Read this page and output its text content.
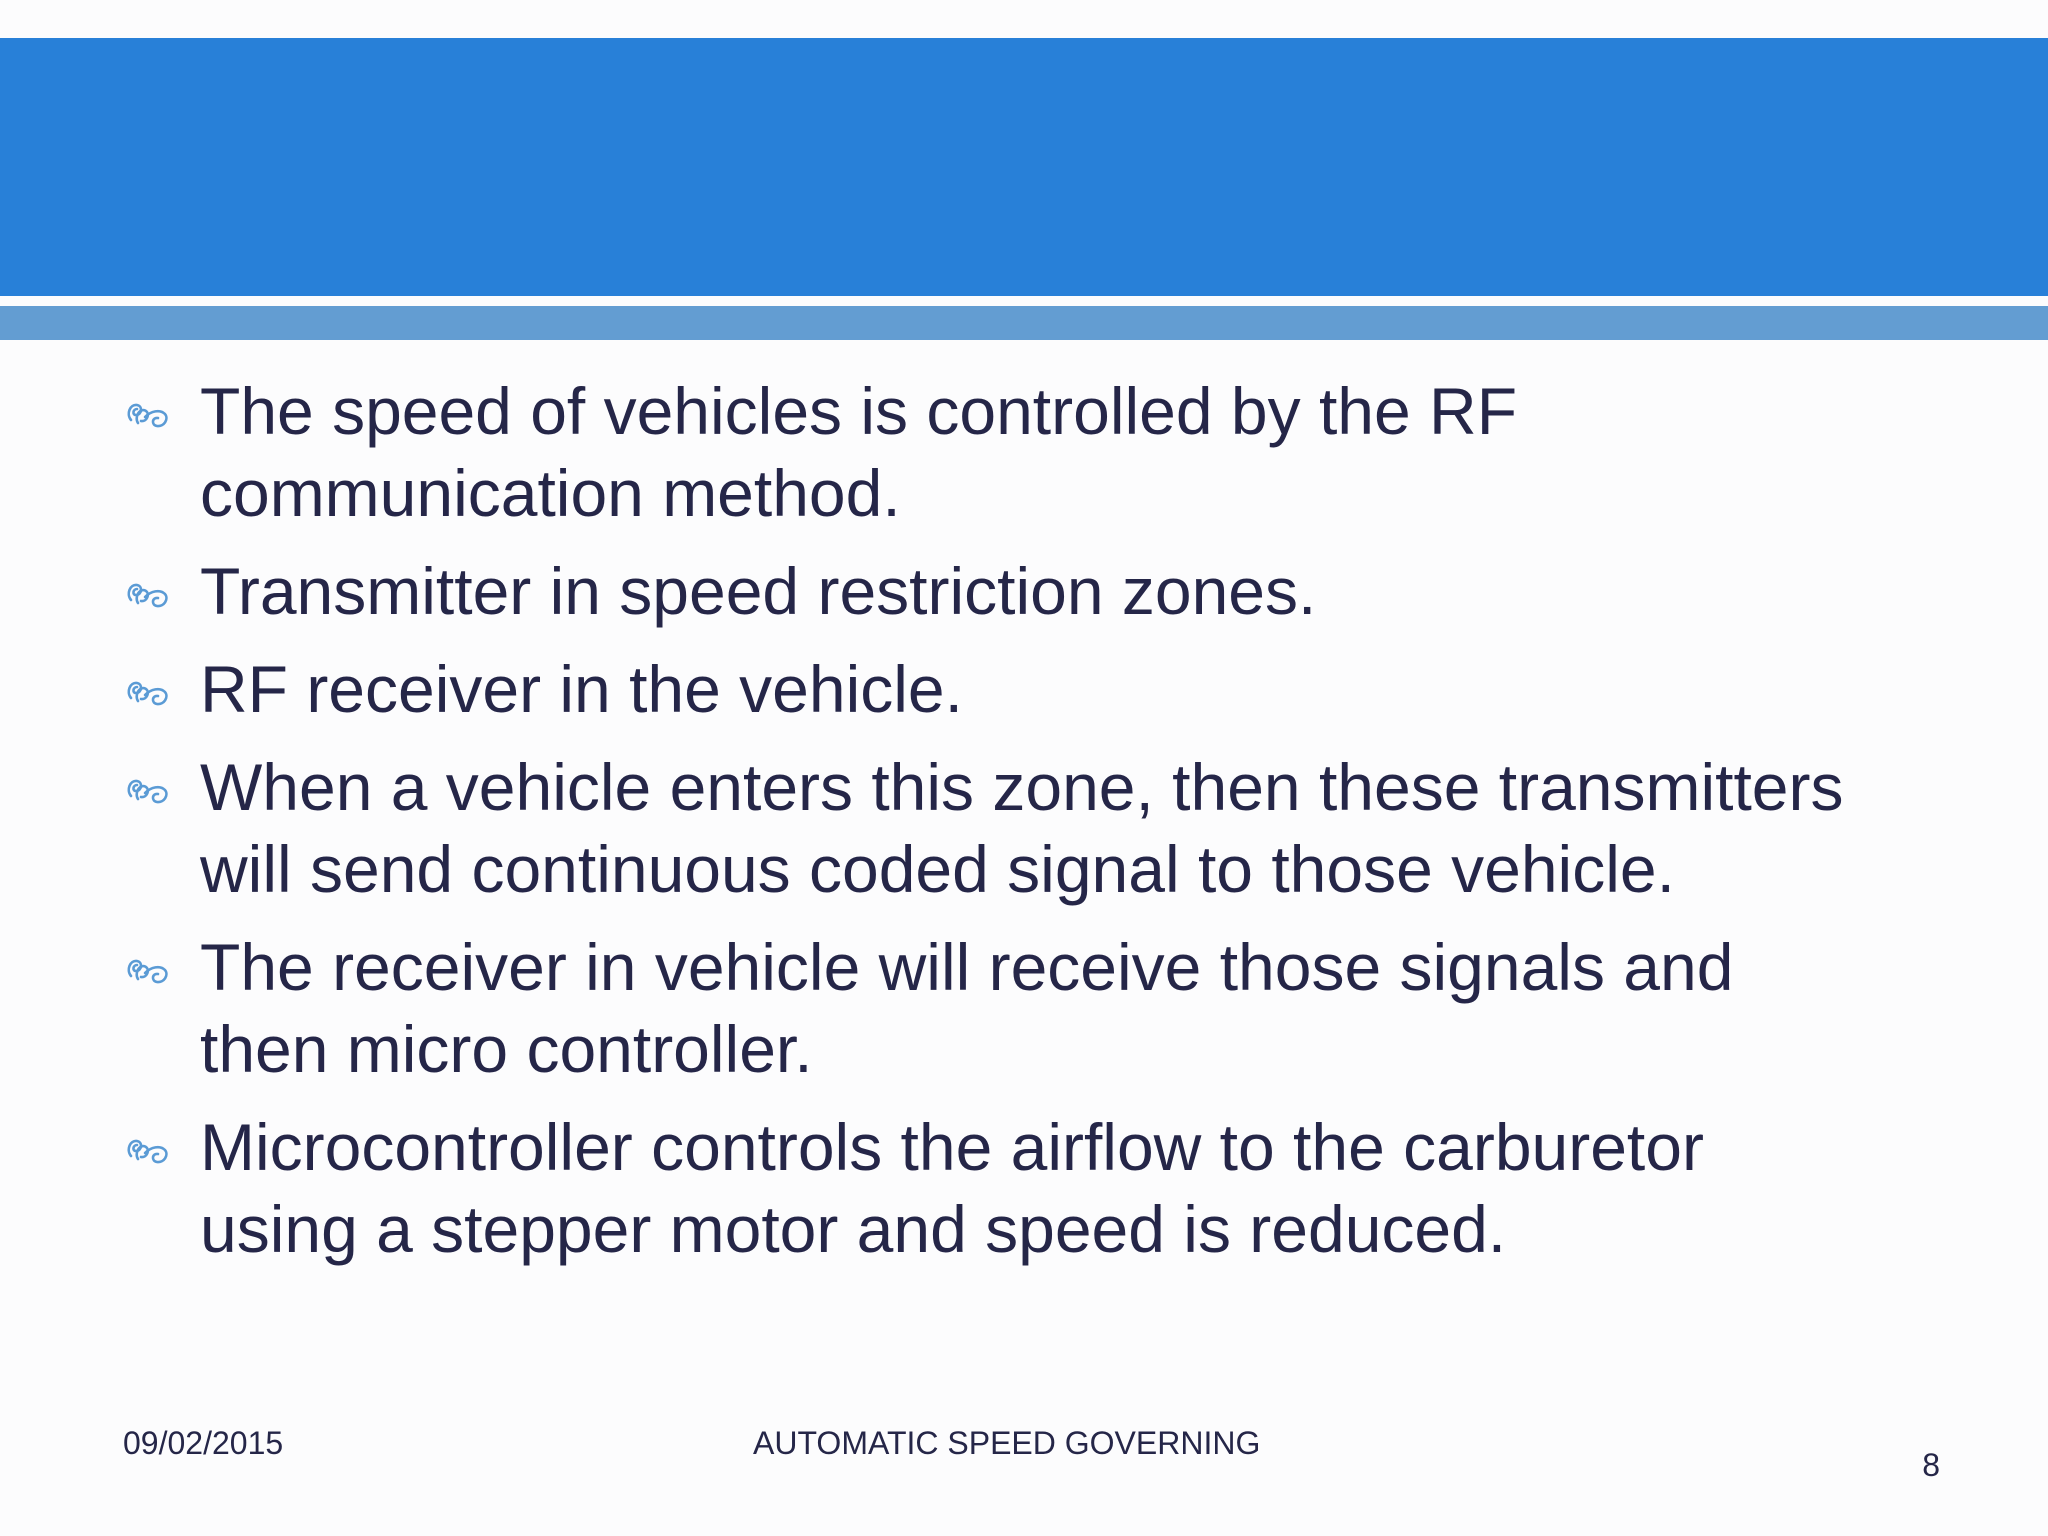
The speed of vehicles is controlled by the RF communication method.
Transmitter in speed restriction zones.
RF receiver in the vehicle.
When a vehicle enters this zone, then these transmitters will send continuous coded signal to those vehicle.
The receiver in vehicle will receive those signals and then micro controller.
Microcontroller controls the airflow to the carburetor using a stepper motor and speed is reduced.
09/02/2015	AUTOMATIC SPEED GOVERNING
8
